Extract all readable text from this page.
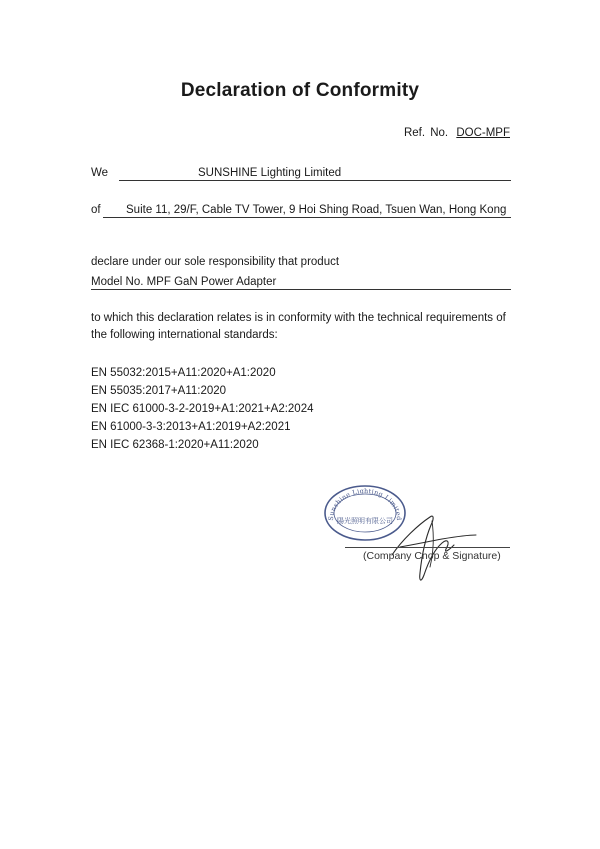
Declaration of Conformity
Ref. No. DOC-MPF
We	SUNSHINE Lighting Limited
of Suite 11, 29/F, Cable TV Tower, 9 Hoi Shing Road, Tsuen Wan, Hong Kong
declare under our sole responsibility that product
Model No. MPF GaN Power Adapter
to which this declaration relates is in conformity with the technical requirements of the following international standards:
EN 55032:2015+A11:2020+A1:2020
EN 55035:2017+A11:2020
EN IEC 61000-3-2-2019+A1:2021+A2:2024
EN 61000-3-3:2013+A1:2019+A2:2021
EN IEC 62368-1:2020+A11:2020
Sunshine Lighting Limited
陽光照明有限公司
(Company Chop & Signature)
